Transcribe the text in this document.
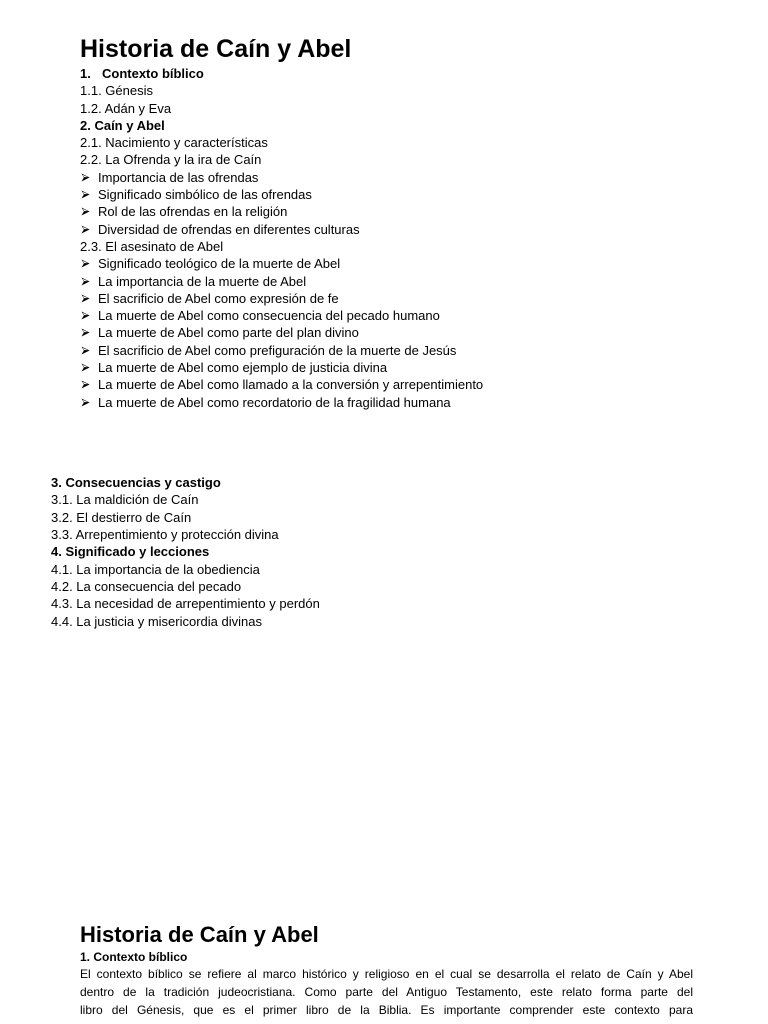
Historia de Caín y Abel
1. Contexto bíblico
1.1. Génesis
1.2. Adán y Eva
2. Caín y Abel
2.1. Nacimiento y características
2.2. La Ofrenda y la ira de Caín
Importancia de las ofrendas
Significado simbólico de las ofrendas
Rol de las ofrendas en la religión
Diversidad de ofrendas en diferentes culturas
2.3. El asesinato de Abel
Significado teológico de la muerte de Abel
La importancia de la muerte de Abel
El sacrificio de Abel como expresión de fe
La muerte de Abel como consecuencia del pecado humano
La muerte de Abel como parte del plan divino
El sacrificio de Abel como prefiguración de la muerte de Jesús
La muerte de Abel como ejemplo de justicia divina
La muerte de Abel como llamado a la conversión y arrepentimiento
La muerte de Abel como recordatorio de la fragilidad humana
3. Consecuencias y castigo
3.1. La maldición de Caín
3.2. El destierro de Caín
3.3. Arrepentimiento y protección divina
4. Significado y lecciones
4.1. La importancia de la obediencia
4.2. La consecuencia del pecado
4.3. La necesidad de arrepentimiento y perdón
4.4. La justicia y misericordia divinas
Historia de Caín y Abel
1. Contexto bíblico
El contexto bíblico se refiere al marco histórico y religioso en el cual se desarrolla el relato de Caín y Abel
dentro de la tradición judeocristiana. Como parte del Antiguo Testamento, este relato forma parte del
libro del Génesis, que es el primer libro de la Biblia. Es importante comprender este contexto para
